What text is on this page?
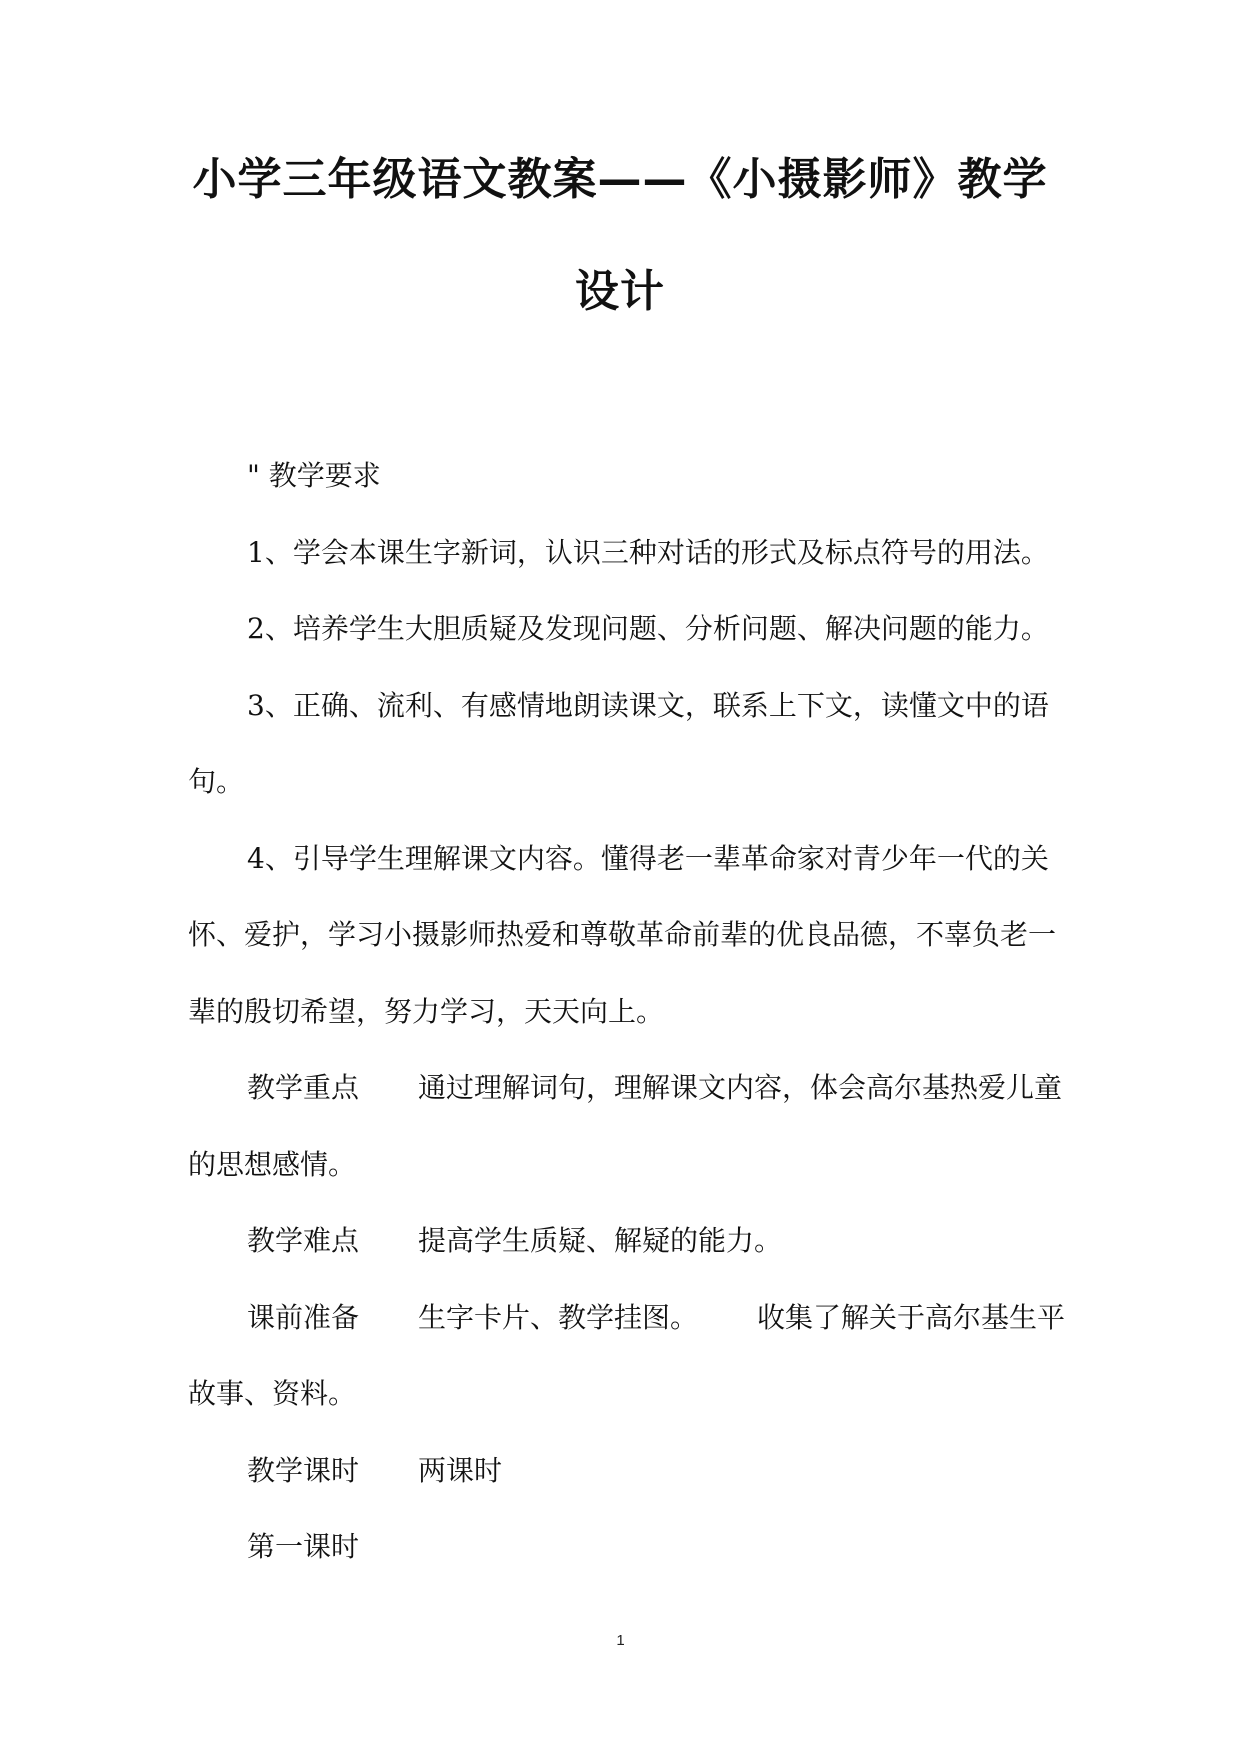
小学三年级语文教案——《小摄影师》教学
设计

" 教学要求

1、学会本课生字新词，认识三种对话的形式及标点符号的用法。

2、培养学生大胆质疑及发现问题、分析问题、解决问题的能力。

3、正确、流利、有感情地朗读课文，联系上下文，读懂文中的语句。

4、引导学生理解课文内容。懂得老一辈革命家对青少年一代的关怀、爱护，学习小摄影师热爱和尊敬革命前辈的优良品德，不辜负老一辈的殷切希望，努力学习，天天向上。

教学重点 通过理解词句，理解课文内容，体会高尔基热爱儿童的思想感情。

教学难点 提高学生质疑、解疑的能力。

课前准备 生字卡片、教学挂图。 收集了解关于高尔基生平故事、资料。

教学课时 两课时

第一课时

1
